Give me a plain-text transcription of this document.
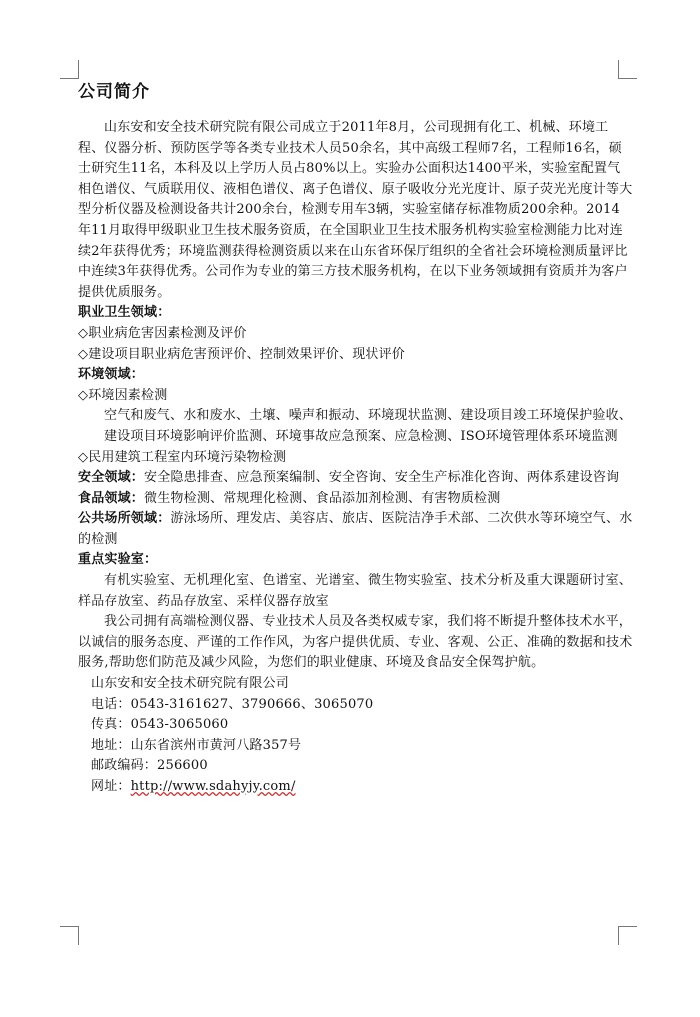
公司简介

山东安和安全技术研究院有限公司成立于2011年8月，公司现拥有化工、机械、环境工程、仪器分析、预防医学等各类专业技术人员50余名，其中高级工程师7名，工程师16名，硕士研究生11名，本科及以上学历人员占80%以上。实验办公面积达1400平米，实验室配置气相色谱仪、气质联用仪、液相色谱仪、离子色谱仪、原子吸收分光光度计、原子荧光光度计等大型分析仪器及检测设备共计200余台，检测专用车3辆，实验室储存标准物质200余种。2014年11月取得甲级职业卫生技术服务资质，在全国职业卫生技术服务机构实验室检测能力比对连续2年获得优秀；环境监测获得检测资质以来在山东省环保厅组织的全省社会环境检测质量评比中连续3年获得优秀。公司作为专业的第三方技术服务机构，在以下业务领域拥有资质并为客户提供优质服务。

职业卫生领域：

◇职业病危害因素检测及评价

◇建设项目职业病危害预评价、控制效果评价、现状评价

环境领域：

◇环境因素检测

空气和废气、水和废水、土壤、噪声和振动、环境现状监测、建设项目竣工环境保护验收、建设项目环境影响评价监测、环境事故应急预案、应急检测、ISO环境管理体系环境监测

◇民用建筑工程室内环境污染物检测

安全领域：安全隐患排查、应急预案编制、安全咨询、安全生产标准化咨询、两体系建设咨询

食品领域：微生物检测、常规理化检测、食品添加剂检测、有害物质检测

公共场所领域：游泳场所、理发店、美容店、旅店、医院洁净手术部、二次供水等环境空气、水的检测

重点实验室：

有机实验室、无机理化室、色谱室、光谱室、微生物实验室、技术分析及重大课题研讨室、样品存放室、药品存放室、采样仪器存放室

我公司拥有高端检测仪器、专业技术人员及各类权威专家，我们将不断提升整体技术水平，以诚信的服务态度、严谨的工作作风，为客户提供优质、专业、客观、公正、准确的数据和技术服务,帮助您们防范及减少风险，为您们的职业健康、环境及食品安全保驾护航。

山东安和安全技术研究院有限公司

电话：0543-3161627、3790666、3065070

传真：0543-3065060

地址：山东省滨州市黄河八路357号

邮政编码：256600

网址：http://www.sdahyjy.com/
